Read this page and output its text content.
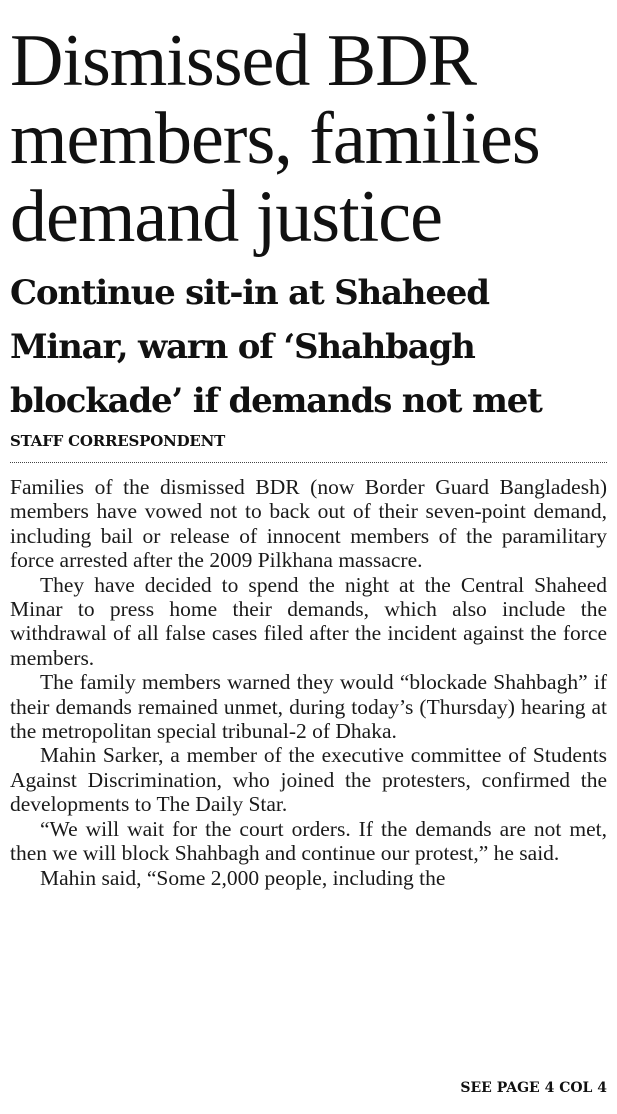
Dismissed BDR members, families demand justice
Continue sit-in at Shaheed Minar, warn of ‘Shahbagh blockade’ if demands not met
STAFF CORRESPONDENT

Families of the dismissed BDR (now Border Guard Bangladesh) members have vowed not to back out of their seven-point demand, including bail or release of innocent members of the paramilitary force arrested after the 2009 Pilkhana massacre.

They have decided to spend the night at the Central Shaheed Minar to press home their demands, which also include the withdrawal of all false cases filed after the incident against the force members.

The family members warned they would “blockade Shahbagh” if their demands remained unmet, during today’s (Thursday) hearing at the metropolitan special tribunal-2 of Dhaka.

Mahin Sarker, a member of the executive committee of Students Against Discrimination, who joined the protesters, confirmed the developments to The Daily Star.

“We will wait for the court orders. If the demands are not met, then we will block Shahbagh and continue our protest,” he said.

Mahin said, “Some 2,000 people, including the

SEE PAGE 4 COL 4
